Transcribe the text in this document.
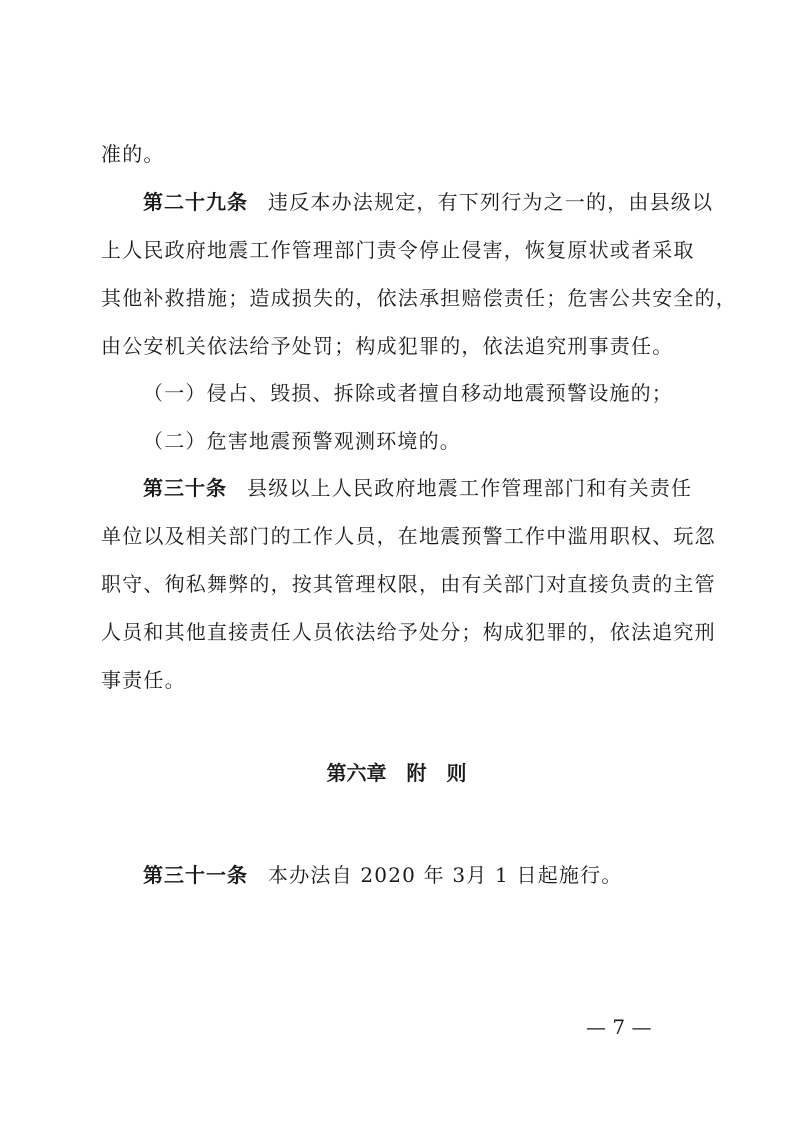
准的。
第二十九条 违反本办法规定，有下列行为之一的，由县级以
上人民政府地震工作管理部门责令停止侵害，恢复原状或者采取
其他补救措施；造成损失的，依法承担赔偿责任；危害公共安全的，
由公安机关依法给予处罚；构成犯罪的，依法追究刑事责任。
（一）侵占、毁损、拆除或者擅自移动地震预警设施的；
（二）危害地震预警观测环境的。
第三十条 县级以上人民政府地震工作管理部门和有关责任
单位以及相关部门的工作人员，在地震预警工作中滥用职权、玩忽
职守、徇私舞弊的，按其管理权限，由有关部门对直接负责的主管
人员和其他直接责任人员依法给予处分；构成犯罪的，依法追究刑
事责任。
第六章 附 则
第三十一条 本办法自 2020 年 3月 1 日起施行。
— 7 —
